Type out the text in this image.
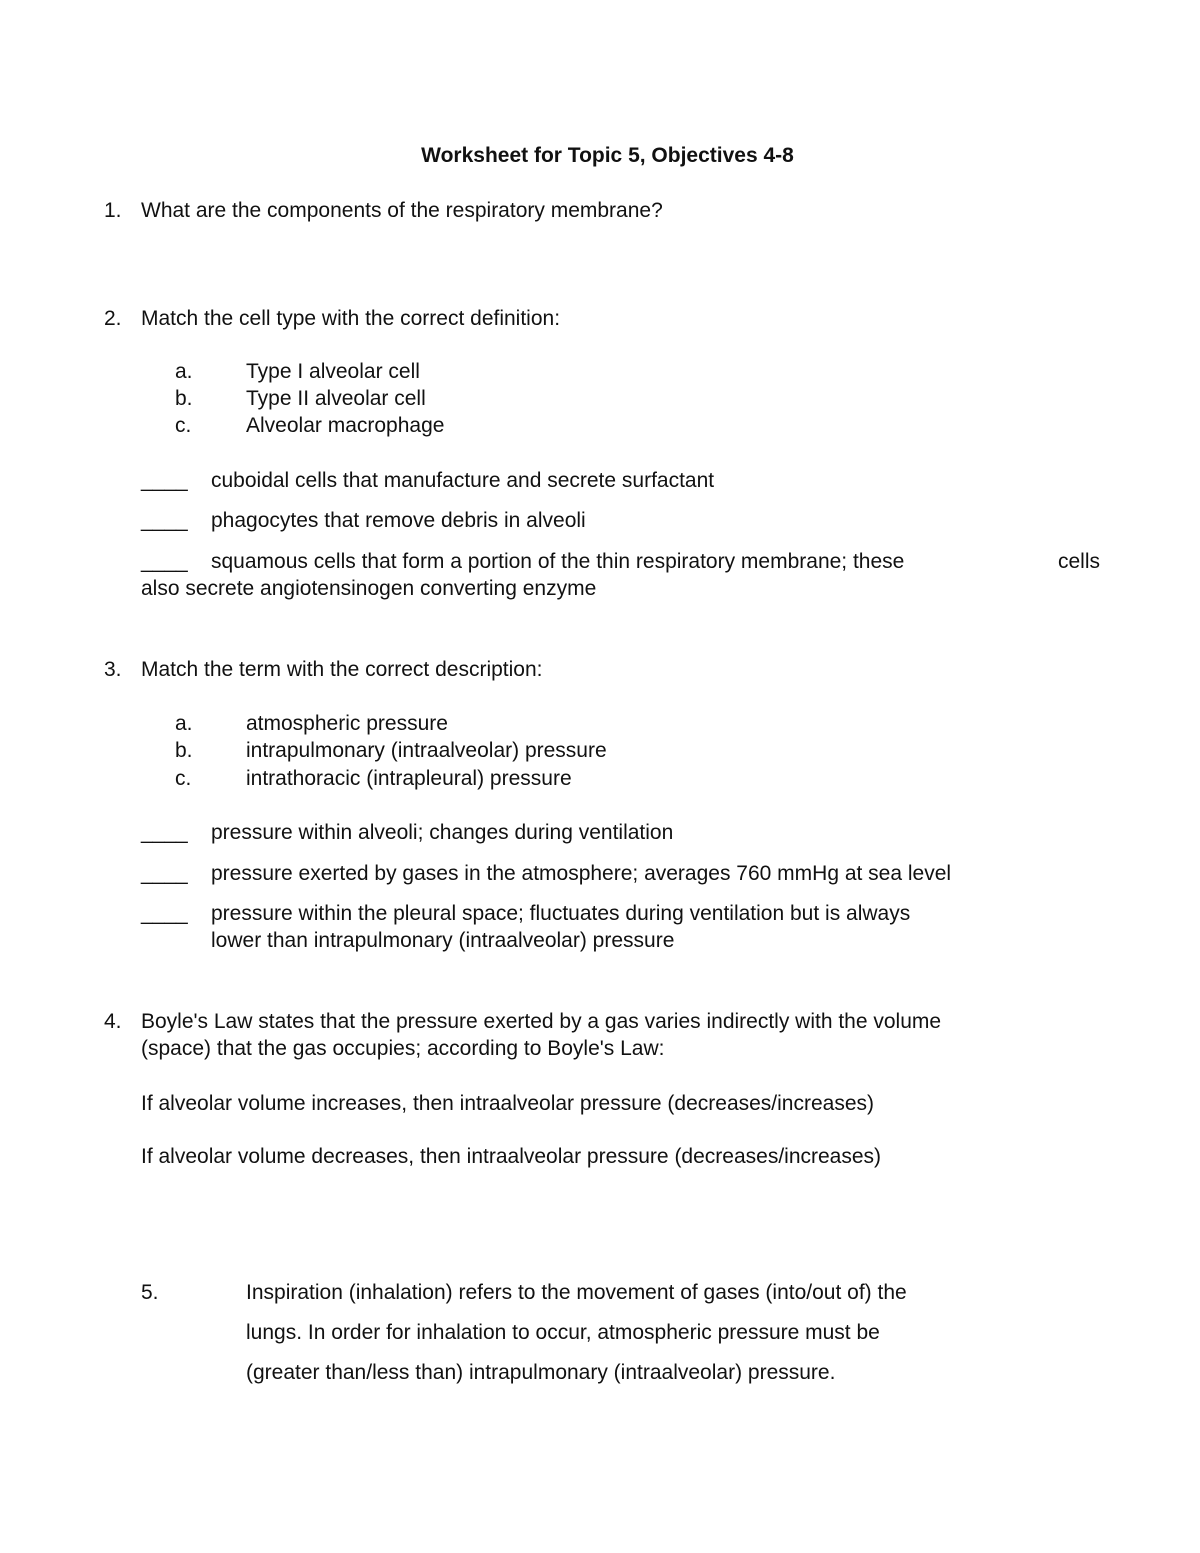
Worksheet for Topic 5, Objectives 4-8
1. What are the components of the respiratory membrane?
2. Match the cell type with the correct definition:
a.	Type I alveolar cell
b.	Type II alveolar cell
c.	Alveolar macrophage
____ cuboidal cells that manufacture and secrete surfactant
____ phagocytes that remove debris in alveoli
____ squamous cells that form a portion of the thin respiratory membrane; these	cells
also secrete angiotensinogen converting enzyme
3. Match the term with the correct description:
a.	atmospheric pressure
b.	intrapulmonary (intraalveolar) pressure
c.	intrathoracic (intrapleural) pressure
____ pressure within alveoli; changes during ventilation
____ pressure exerted by gases in the atmosphere; averages 760 mmHg at sea level
____ pressure within the pleural space; fluctuates during ventilation but is always
lower than intrapulmonary (intraalveolar) pressure
4. Boyle's Law states that the pressure exerted by a gas varies indirectly with the volume
(space) that the gas occupies; according to Boyle's Law:
If alveolar volume increases, then intraalveolar pressure (decreases/increases)
If alveolar volume decreases, then intraalveolar pressure (decreases/increases)
5.	Inspiration (inhalation) refers to the movement of gases (into/out of) the
lungs. In order for inhalation to occur, atmospheric pressure must be
(greater than/less than) intrapulmonary (intraalveolar) pressure.
